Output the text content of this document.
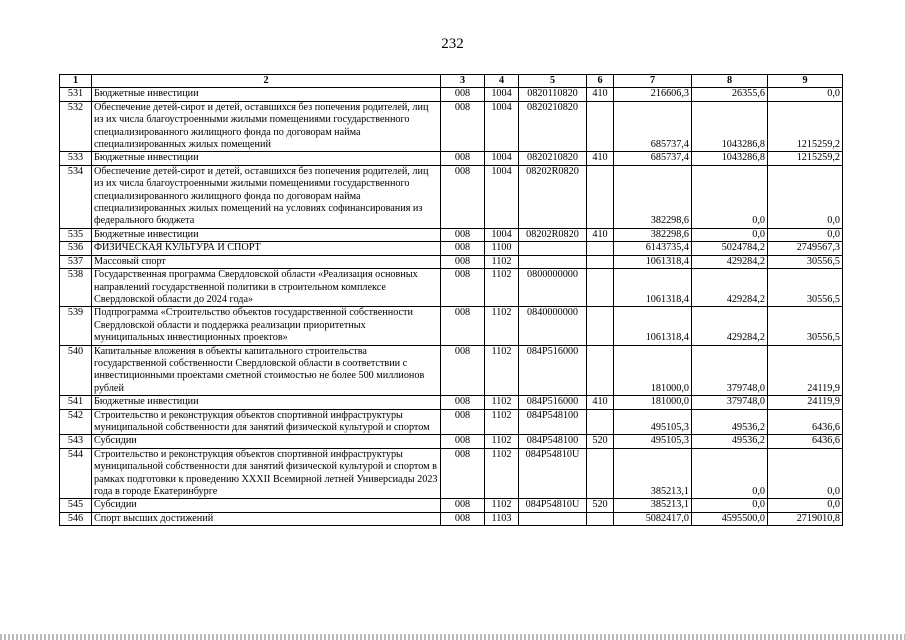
232
1	2	3	4	5	6	7	8	9
531	Бюджетные инвестиции	008	1004	0820110820	410	216606,3	26355,6	0,0
532	Обеспечение детей-сирот и детей, оставшихся без попечения родителей, лиц из их числа благоустроенными жилыми помещениями государственного специализированного жилищного фонда по договорам найма специализированных жилых помещений	008	1004	0820210820		685737,4	1043286,8	1215259,2
533	Бюджетные инвестиции	008	1004	0820210820	410	685737,4	1043286,8	1215259,2
534	Обеспечение детей-сирот и детей, оставшихся без попечения родителей, лиц из их числа благоустроенными жилыми помещениями государственного специализированного жилищного фонда по договорам найма специализированных жилых помещений на условиях софинансирования из федерального бюджета	008	1004	08202R0820		382298,6	0,0	0,0
535	Бюджетные инвестиции	008	1004	08202R0820	410	382298,6	0,0	0,0
536	ФИЗИЧЕСКАЯ КУЛЬТУРА И СПОРТ	008	1100			6143735,4	5024784,2	2749567,3
537	Массовый спорт	008	1102			1061318,4	429284,2	30556,5
538	Государственная программа Свердловской области «Реализация основных направлений государственной политики в строительном комплексе Свердловской области до 2024 года»	008	1102	0800000000		1061318,4	429284,2	30556,5
539	Подпрограмма «Строительство объектов государственной собственности Свердловской области и поддержка реализации приоритетных муниципальных инвестиционных проектов»	008	1102	0840000000		1061318,4	429284,2	30556,5
540	Капитальные вложения в объекты капитального строительства государственной собственности Свердловской области в соответствии с инвестиционными проектами сметной стоимостью не более 500 миллионов рублей	008	1102	084P516000		181000,0	379748,0	24119,9
541	Бюджетные инвестиции	008	1102	084P516000	410	181000,0	379748,0	24119,9
542	Строительство и реконструкция объектов спортивной инфраструктуры муниципальной собственности для занятий физической культурой и спортом	008	1102	084P548100		495105,3	49536,2	6436,6
543	Субсидии	008	1102	084P548100	520	495105,3	49536,2	6436,6
544	Строительство и реконструкция объектов спортивной инфраструктуры муниципальной собственности для занятий физической культурой и спортом в рамках подготовки к проведению XXXII Всемирной летней Универсиады 2023 года в городе Екатеринбурге	008	1102	084P54810U		385213,1	0,0	0,0
545	Субсидии	008	1102	084P54810U	520	385213,1	0,0	0,0
546	Спорт высших достижений	008	1103			5082417,0	4595500,0	2719010,8
